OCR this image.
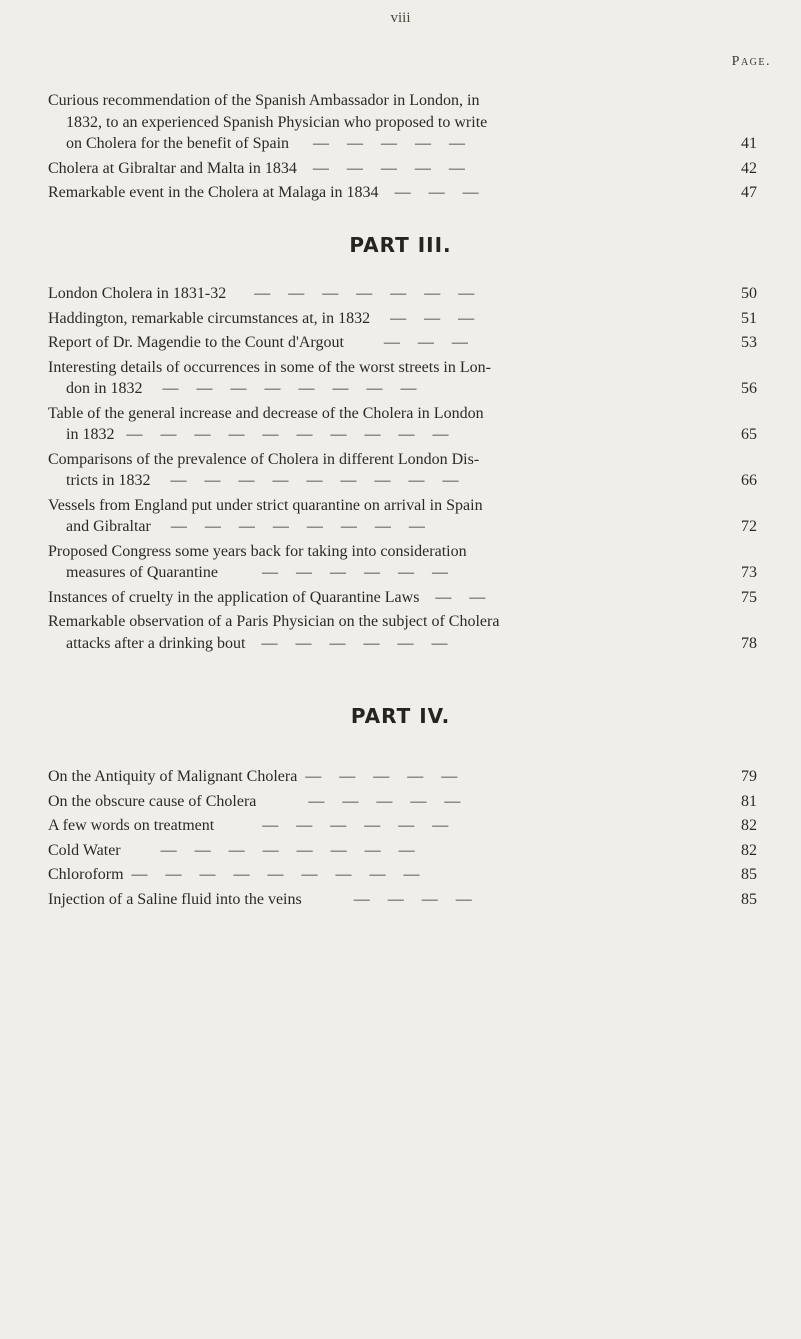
viii
Page.
Curious recommendation of the Spanish Ambassador in London, in
1832, to an experienced Spanish Physician who proposed to write
on Cholera for the benefit of Spain — — — — —	41
Cholera at Gibraltar and Malta in 1834 — — — — —	42
Remarkable event in the Cholera at Malaga in 1834 — — —	47
PART III.
London Cholera in 1831-32 — — — — — — —	50
Haddington, remarkable circumstances at, in 1832 — — —	51
Report of Dr. Magendie to the Count d'Argout	— — —	53
Interesting details of occurrences in some of the worst streets in Lon-
don in 1832 — — — — — — — —	56
Table of the general increase and decrease of the Cholera in London
in 1832 — — — — — — — — — —	65
Comparisons of the prevalence of Cholera in different London Dis-
tricts in 1832 — — — — — — — — —	66
Vessels from England put under strict quarantine on arrival in Spain
and Gibraltar — — — — — — — —	72
Proposed Congress some years back for taking into consideration
measures of Quarantine	— — — — — —	73
Instances of cruelty in the application of Quarantine Laws — —	75
Remarkable observation of a Paris Physician on the subject of Cholera
attacks after a drinking bout — — — — — —	78
PART IV.
On the Antiquity of Malignant Cholera — — — — —	79
On the obscure cause of Cholera	— — — — —	81
A few words on treatment	— — — — — —	82
Cold Water	— — — — — — — —	82
Chloroform — — — — — — — — —	85
Injection of a Saline fluid into the veins	— — — —	85
